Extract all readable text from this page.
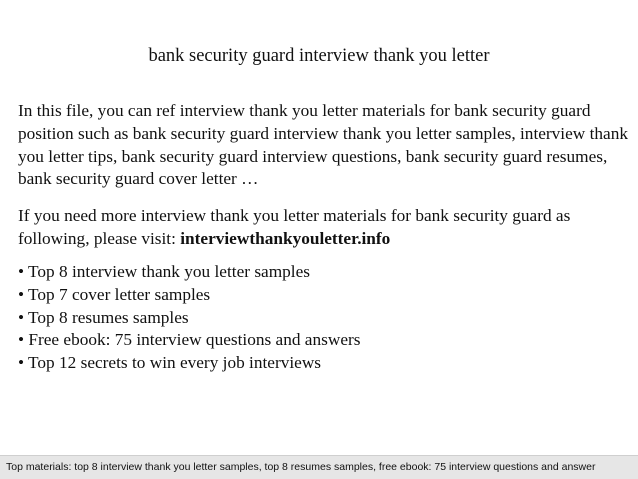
bank security guard interview thank you letter

In this file, you can ref interview thank you letter materials for bank security guard position such as bank security guard interview thank you letter samples, interview thank you letter tips, bank security guard interview questions, bank security guard resumes, bank security guard cover letter …

If you need more interview thank you letter materials for bank security guard as following, please visit: interviewthankyouletter.info

• Top 8 interview thank you letter samples
• Top 7 cover letter samples
• Top 8 resumes samples
• Free ebook: 75 interview questions and answers
• Top 12 secrets to win every job interviews
Top materials: top 8 interview thank you letter samples, top 8 resumes samples, free ebook: 75 interview questions and answer
